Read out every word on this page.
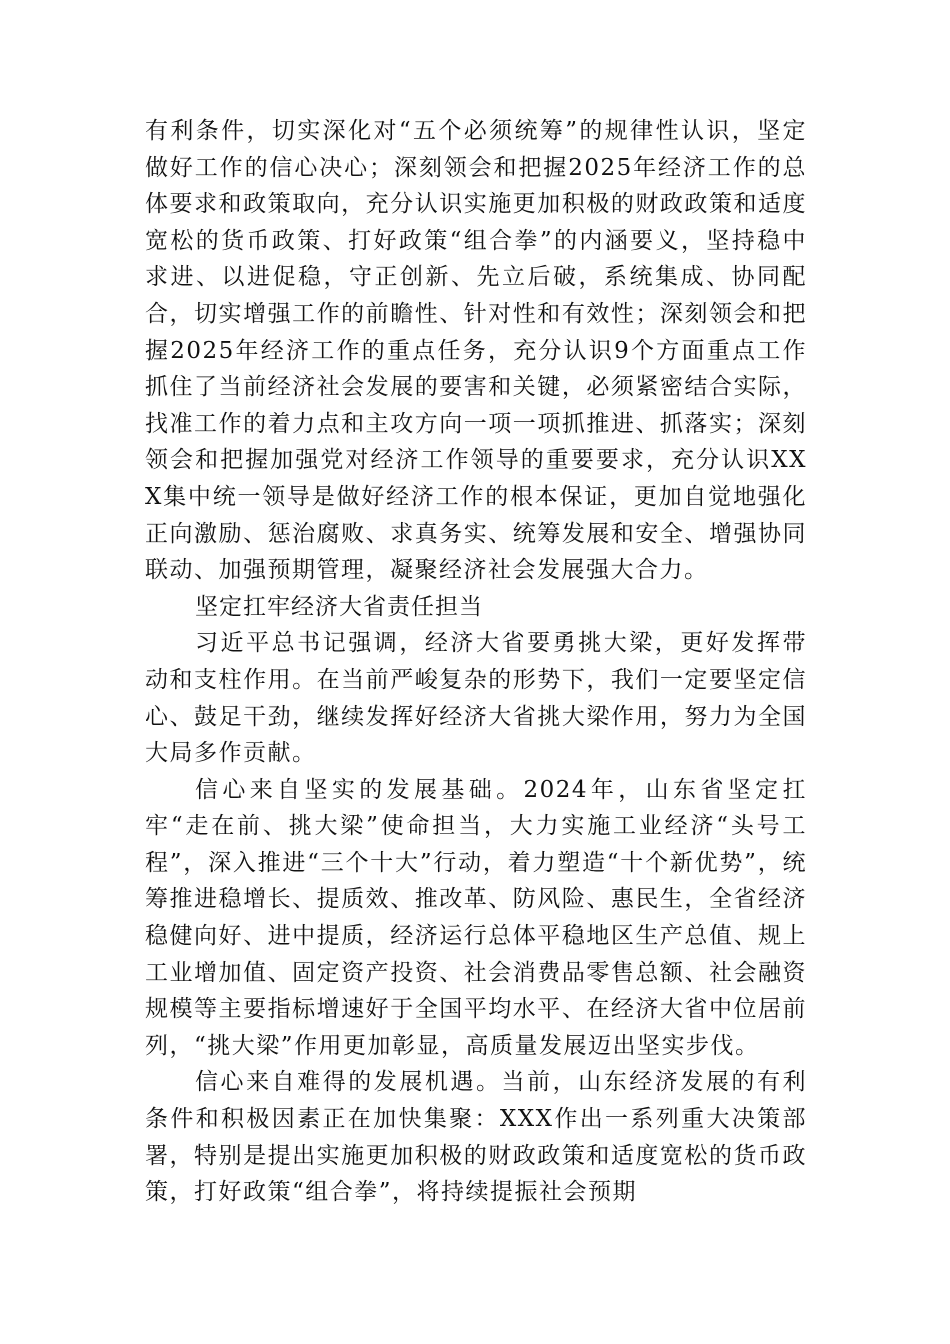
有利条件，切实深化对“五个必须统筹”的规律性认识，坚定做好工作的信心决心；深刻领会和把握2025年经济工作的总体要求和政策取向，充分认识实施更加积极的财政政策和适度宽松的货币政策、打好政策“组合拳”的内涵要义，坚持稳中求进、以进促稳，守正创新、先立后破，系统集成、协同配合，切实增强工作的前瞻性、针对性和有效性；深刻领会和把握2025年经济工作的重点任务，充分认识9个方面重点工作抓住了当前经济社会发展的要害和关键，必须紧密结合实际，找准工作的着力点和主攻方向一项一项抓推进、抓落实；深刻领会和把握加强党对经济工作领导的重要要求，充分认识XXX集中统一领导是做好经济工作的根本保证，更加自觉地强化正向激励、惩治腐败、求真务实、统筹发展和安全、增强协同联动、加强预期管理，凝聚经济社会发展强大合力。

坚定扛牢经济大省责任担当

习近平总书记强调，经济大省要勇挑大梁，更好发挥带动和支柱作用。在当前严峻复杂的形势下，我们一定要坚定信心、鼓足干劲，继续发挥好经济大省挑大梁作用，努力为全国大局多作贡献。

信心来自坚实的发展基础。2024年，山东省坚定扛牢“走在前、挑大梁”使命担当，大力实施工业经济“头号工程”，深入推进“三个十大”行动，着力塑造“十个新优势”，统筹推进稳增长、提质效、推改革、防风险、惠民生，全省经济稳健向好、进中提质，经济运行总体平稳地区生产总值、规上工业增加值、固定资产投资、社会消费品零售总额、社会融资规模等主要指标增速好于全国平均水平、在经济大省中位居前列，“挑大梁”作用更加彰显，高质量发展迈出坚实步伐。

信心来自难得的发展机遇。当前，山东经济发展的有利条件和积极因素正在加快集聚：XXX作出一系列重大决策部署，特别是提出实施更加积极的财政政策和适度宽松的货币政策，打好政策“组合拳”，将持续提振社会预期
